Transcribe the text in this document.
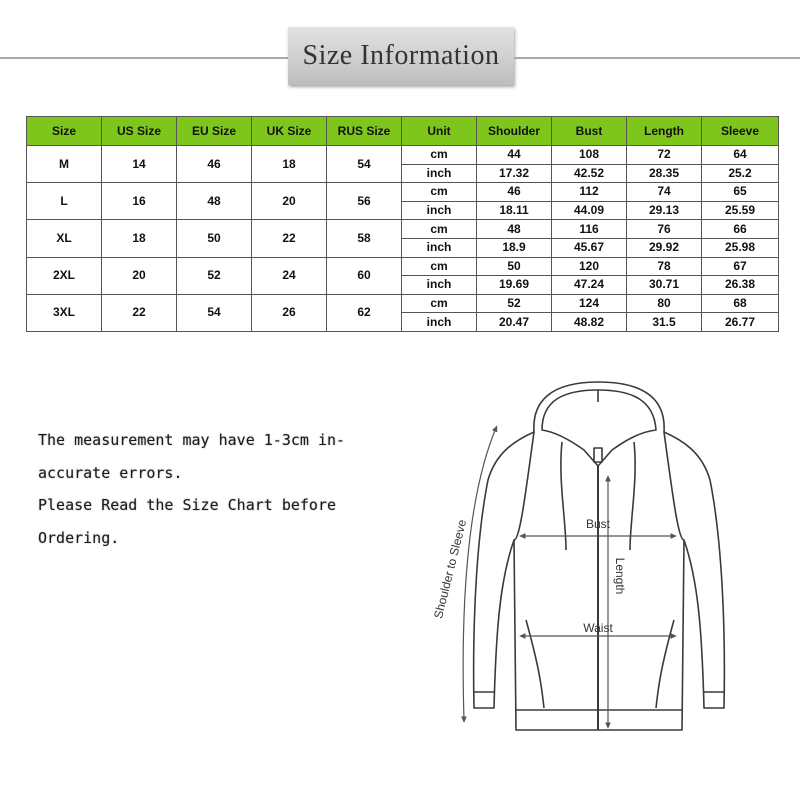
Size Information
Size	US Size	EU Size	UK Size	RUS Size	Unit	Shoulder	Bust	Length	Sleeve
M	14	46	18	54	cm	44	108	72	64
					inch	17.32	42.52	28.35	25.2
L	16	48	20	56	cm	46	112	74	65
					inch	18.11	44.09	29.13	25.59
XL	18	50	22	58	cm	48	116	76	66
					inch	18.9	45.67	29.92	25.98
2XL	20	52	24	60	cm	50	120	78	67
					inch	19.69	47.24	30.71	26.38
3XL	22	54	26	62	cm	52	124	80	68
					inch	20.47	48.82	31.5	26.77
The measurement may have 1-3cm in-
accurate errors.
Please Read the Size Chart before
Ordering.	Shoulder to Sleeve	Bust
Length
Waist
